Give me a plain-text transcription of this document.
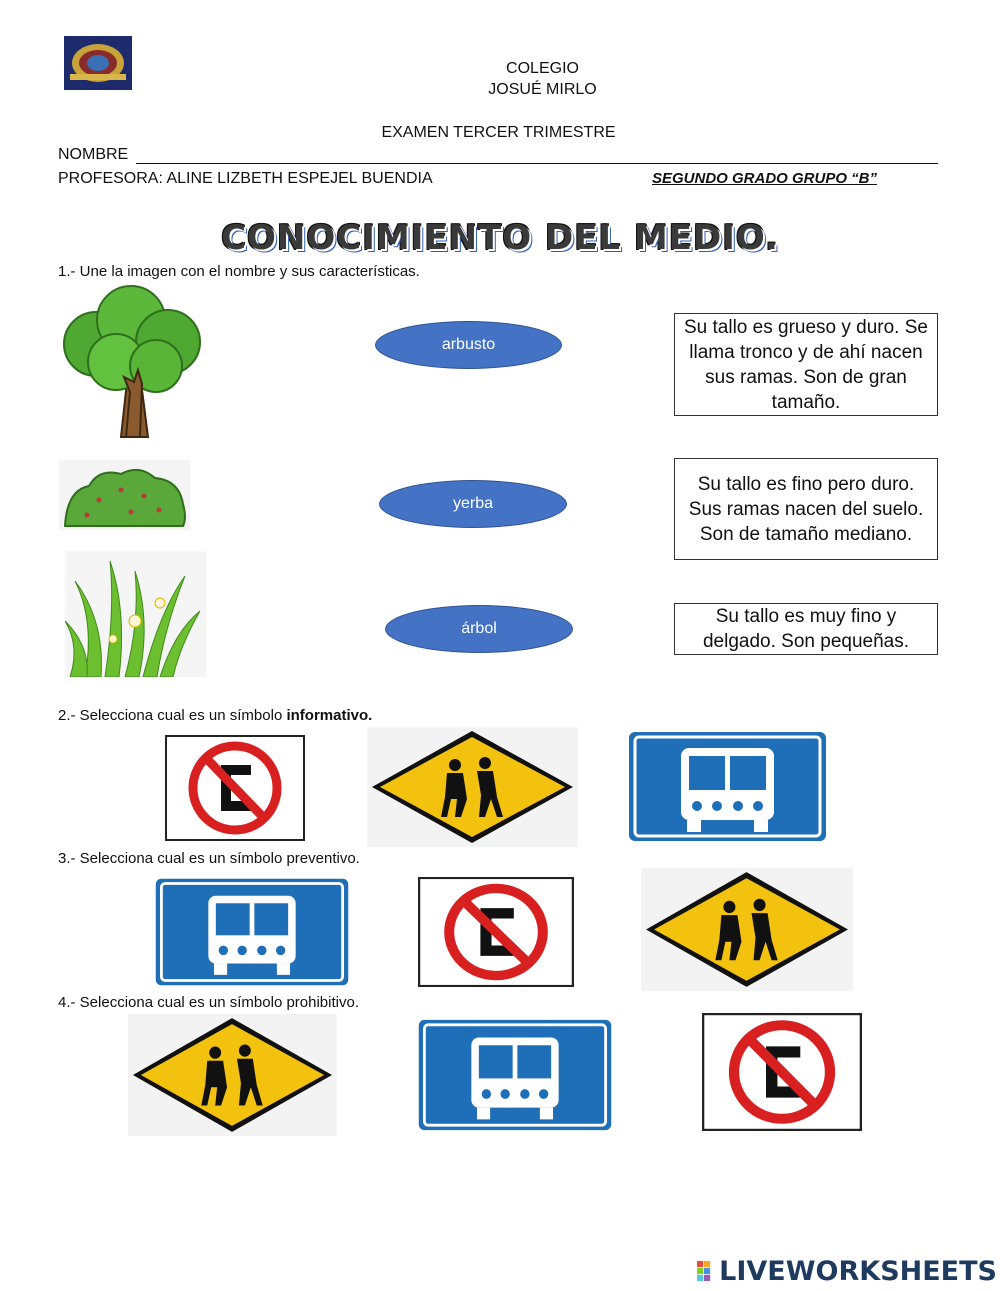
COLEGIO
JOSUÉ MIRLO
EXAMEN TERCER TRIMESTRE
NOMBRE
PROFESORA: ALINE LIZBETH ESPEJEL BUENDIA	SEGUNDO GRADO GRUPO “B”
CONOCIMIENTO DEL MEDIO.
1.- Une la imagen con el nombre y sus características.
arbusto
yerba
árbol
Su tallo es grueso y duro. Se llama tronco y de ahí nacen sus ramas. Son de gran tamaño.
Su tallo es fino pero duro. Sus ramas nacen del suelo. Son de tamaño mediano.
Su tallo es muy fino y delgado. Son pequeñas.
2.- Selecciona cual es un símbolo informativo.
3.- Selecciona cual es un símbolo preventivo.
4.- Selecciona cual es un símbolo prohibitivo.
LIVEWORKSHEETS
